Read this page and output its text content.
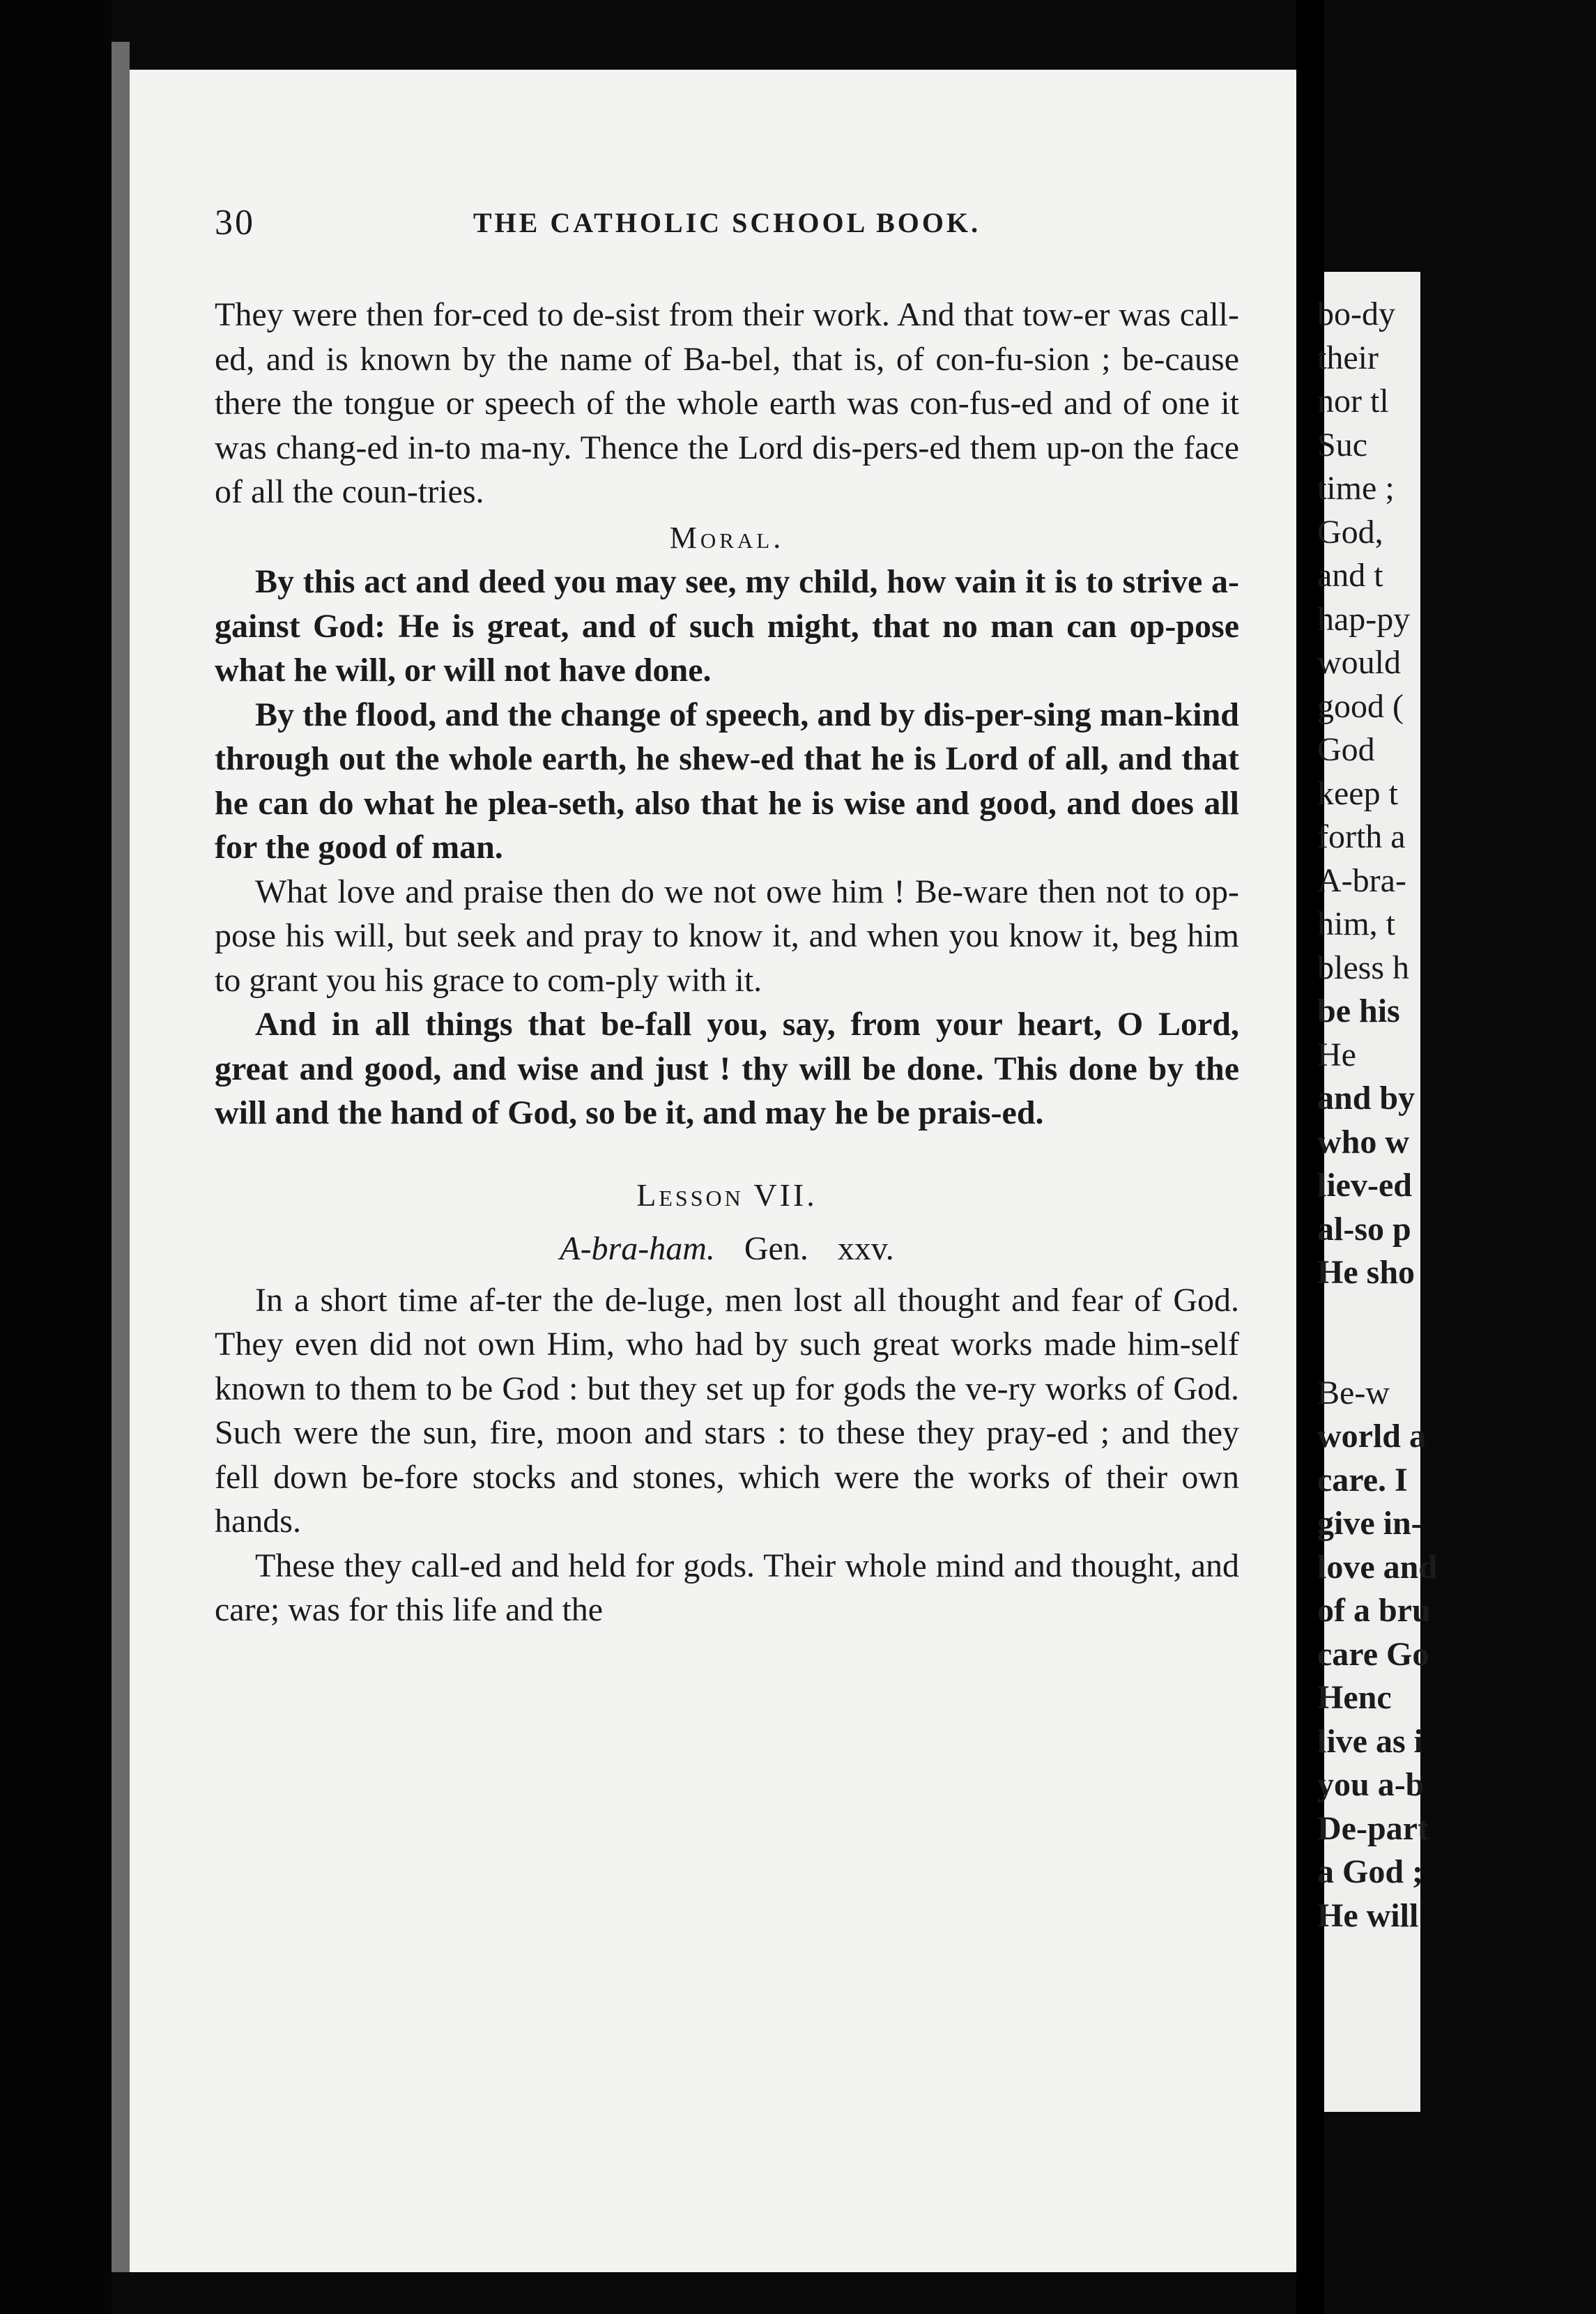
30	THE CATHOLIC SCHOOL BOOK.

They were then for-ced to de-sist from their work. And that tow-er was call-ed, and is known by the name of Ba-bel, that is, of con-fu-sion ; be-cause there the tongue or speech of the whole earth was con-fus-ed and of one it was chang-ed in-to ma-ny. Thence the Lord dis-pers-ed them up-on the face of all the coun-tries.

Moral.

By this act and deed you may see, my child, how vain it is to strive a-gainst God: He is great, and of such might, that no man can op-pose what he will, or will not have done.

By the flood, and the change of speech, and by dis-per-sing man-kind through out the whole earth, he shew-ed that he is Lord of all, and that he can do what he plea-seth, also that he is wise and good, and does all for the good of man.

What love and praise then do we not owe him ! Be-ware then not to op-pose his will, but seek and pray to know it, and when you know it, beg him to grant you his grace to com-ply with it.

And in all things that be-fall you, say, from your heart, O Lord, great and good, and wise and just ! thy will be done. This done by the will and the hand of God, so be it, and may he be prais-ed.

Lesson VII.

A-bra-ham. Gen. xxv.

In a short time af-ter the de-luge, men lost all thought and fear of God. They even did not own Him, who had by such great works made him-self known to them to be God : but they set up for gods the ve-ry works of God. Such were the sun, fire, moon and stars : to these they pray-ed ; and they fell down be-fore stocks and stones, which were the works of their own hands.

These they call-ed and held for gods. Their whole mind and thought, and care; was for this life and the

bo-dy
their
nor tl
Suc
time ;
God,
and t
hap-py
would
good (
God
keep t
forth a
A-bra-
him, t
bless h
be his
He
and by
who w
liev-ed
al-so p
He sho
Be-w
world a
care. I
give in-
love and
of a bru
care Go
Henc
live as i
you a-b
De-part
a God ;
He will
